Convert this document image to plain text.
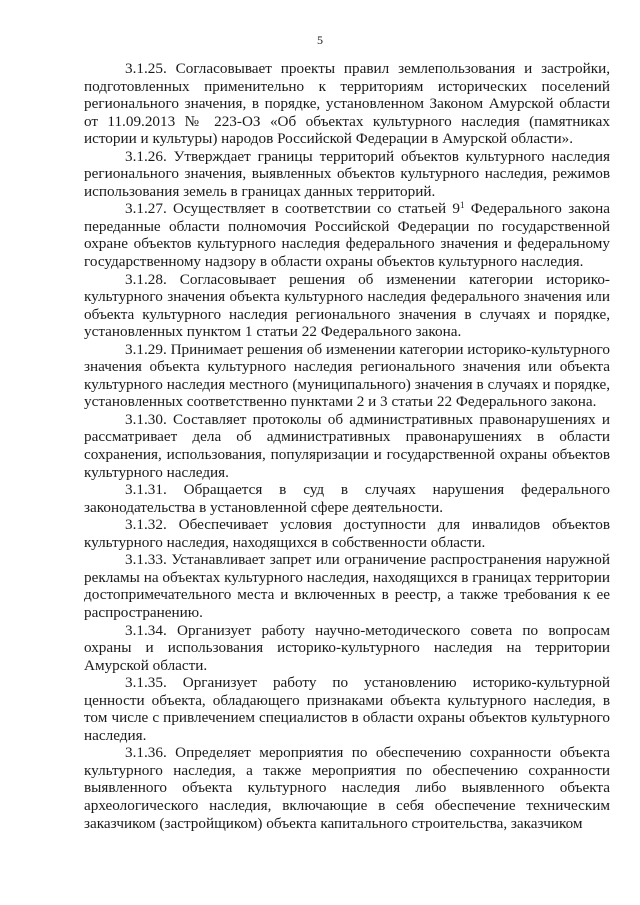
5

3.1.25. Согласовывает проекты правил землепользования и застройки, подготовленных применительно к территориям исторических поселений регионального значения, в порядке, установленном Законом Амурской области от 11.09.2013 № 223-ОЗ «Об объектах культурного наследия (памятниках истории и культуры) народов Российской Федерации в Амурской области».

3.1.26. Утверждает границы территорий объектов культурного наследия регионального значения, выявленных объектов культурного наследия, режимов использования земель в границах данных территорий.

3.1.27. Осуществляет в соответствии со статьей $9^1$ Федерального закона переданные области полномочия Российской Федерации по государственной охране объектов культурного наследия федерального значения и федеральному государственному надзору в области охраны объектов культурного наследия.

3.1.28. Согласовывает решения об изменении категории историко-культурного значения объекта культурного наследия федерального значения или объекта культурного наследия регионального значения в случаях и порядке, установленных пунктом 1 статьи 22 Федерального закона.

3.1.29. Принимает решения об изменении категории историко-культурного значения объекта культурного наследия регионального значения или объекта культурного наследия местного (муниципального) значения в случаях и порядке, установленных соответственно пунктами 2 и 3 статьи 22 Федерального закона.

3.1.30. Составляет протоколы об административных правонарушениях и рассматривает дела об административных правонарушениях в области сохранения, использования, популяризации и государственной охраны объектов культурного наследия.

3.1.31. Обращается в суд в случаях нарушения федерального законодательства в установленной сфере деятельности.

3.1.32. Обеспечивает условия доступности для инвалидов объектов культурного наследия, находящихся в собственности области.

3.1.33. Устанавливает запрет или ограничение распространения наружной рекламы на объектах культурного наследия, находящихся в границах территории достопримечательного места и включенных в реестр, а также требования к ее распространению.

3.1.34. Организует работу научно-методического совета по вопросам охраны и использования историко-культурного наследия на территории Амурской области.

3.1.35. Организует работу по установлению историко-культурной ценности объекта, обладающего признаками объекта культурного наследия, в том числе с привлечением специалистов в области охраны объектов культурного наследия.

3.1.36. Определяет мероприятия по обеспечению сохранности объекта культурного наследия, а также мероприятия по обеспечению сохранности выявленного объекта культурного наследия либо выявленного объекта археологического наследия, включающие в себя обеспечение техническим заказчиком (застройщиком) объекта капитального строительства, заказчиком
